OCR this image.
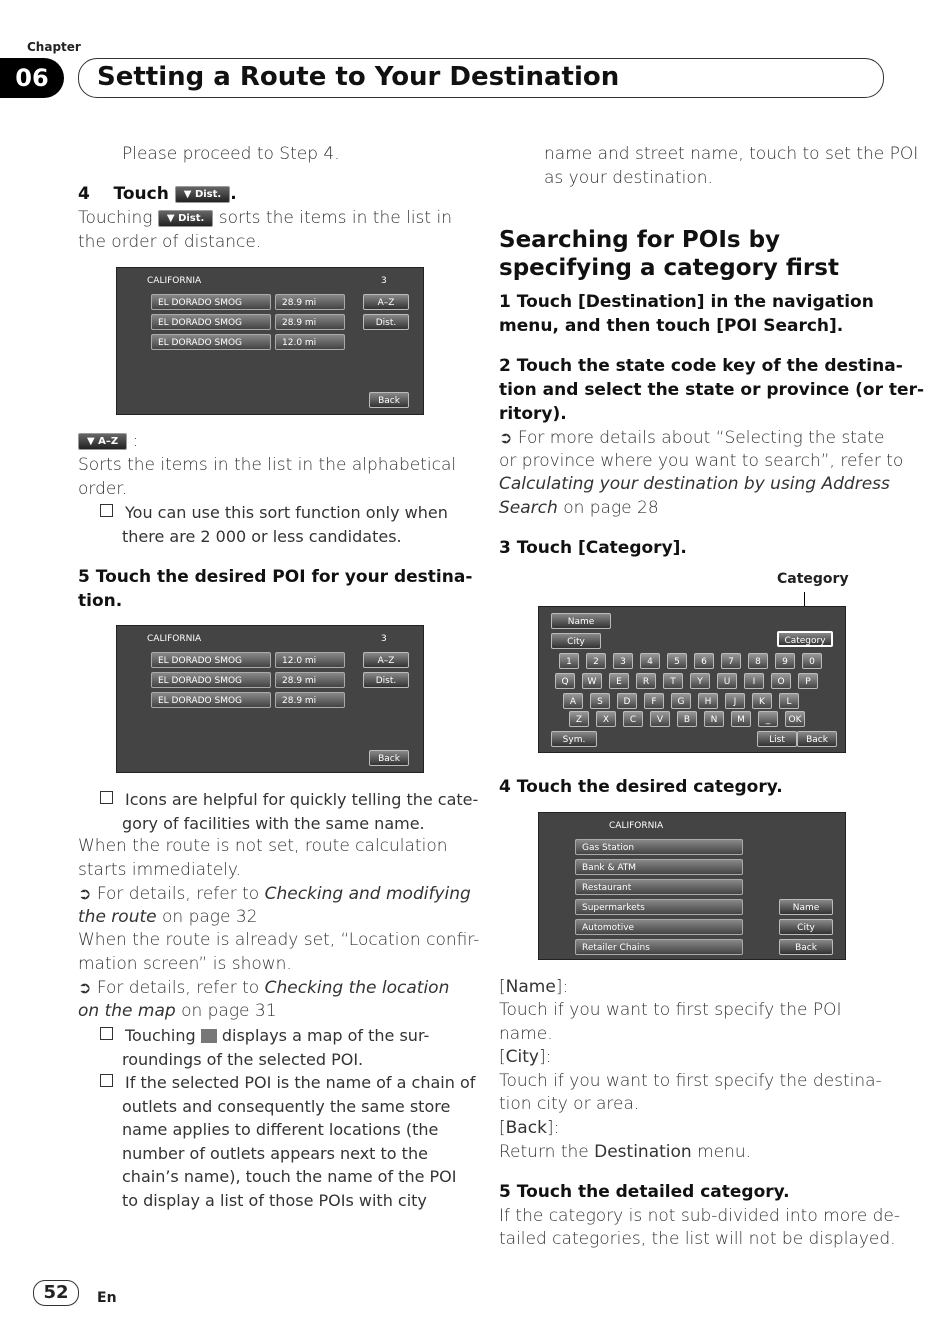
Chapter
06	Setting a Route to Your Destination
Please proceed to Step 4.
4 Touch ▼ Dist. .
Touching ▼ Dist. sorts the items in the list in
the order of distance.
CALIFORNIA	3
EL DORADO SMOG	28.9 mi
EL DORADO SMOG	28.9 mi
EL DORADO SMOG	12.0 mi
A–Z
Dist.
Back
▼ A–Z :
Sorts the items in the list in the alphabetical
order.
You can use this sort function only when
there are 2 000 or less candidates.
5 Touch the desired POI for your destina-
tion.
CALIFORNIA	3
EL DORADO SMOG	12.0 mi
EL DORADO SMOG	28.9 mi
EL DORADO SMOG	28.9 mi
A–Z
Dist.
Back
Icons are helpful for quickly telling the cate-
gory of facilities with the same name.
When the route is not set, route calculation
starts immediately.
➲ For details, refer to Checking and modifying
the route on page 32
When the route is already set, “Location confir-
mation screen” is shown.
➲ For details, refer to Checking the location
on the map on page 31
Touching displays a map of the sur-
roundings of the selected POI.
If the selected POI is the name of a chain of
outlets and consequently the same store
name applies to different locations (the
number of outlets appears next to the
chain’s name), touch the name of the POI
to display a list of those POIs with city
name and street name, touch to set the POI
as your destination.
Searching for POIs by
specifying a category first
1 Touch [Destination] in the navigation
menu, and then touch [POI Search].
2 Touch the state code key of the destina-
tion and select the state or province (or ter-
ritory).
➲ For more details about “Selecting the state
or province where you want to search”, refer to
Calculating your destination by using Address
Search on page 28
3 Touch [Category].
Category
Name
City	Category
1	2	3	4	5	6	7	8	9	0
Q	W	E	R	T	Y	U	I	O	P
A	S	D	F	G	H	J	K	L
Z	X	C	V	B	N	M	_	OK
Sym.	List	Back
4 Touch the desired category.
CALIFORNIA
Gas Station
Bank & ATM
Restaurant
Supermarkets
Automotive
Retailer Chains
Name
City
Back
[Name]:
Touch if you want to first specify the POI
name.
[City]:
Touch if you want to first specify the destina-
tion city or area.
[Back]:
Return the Destination menu.
5 Touch the detailed category.
If the category is not sub-divided into more de-
tailed categories, the list will not be displayed.
52	En
